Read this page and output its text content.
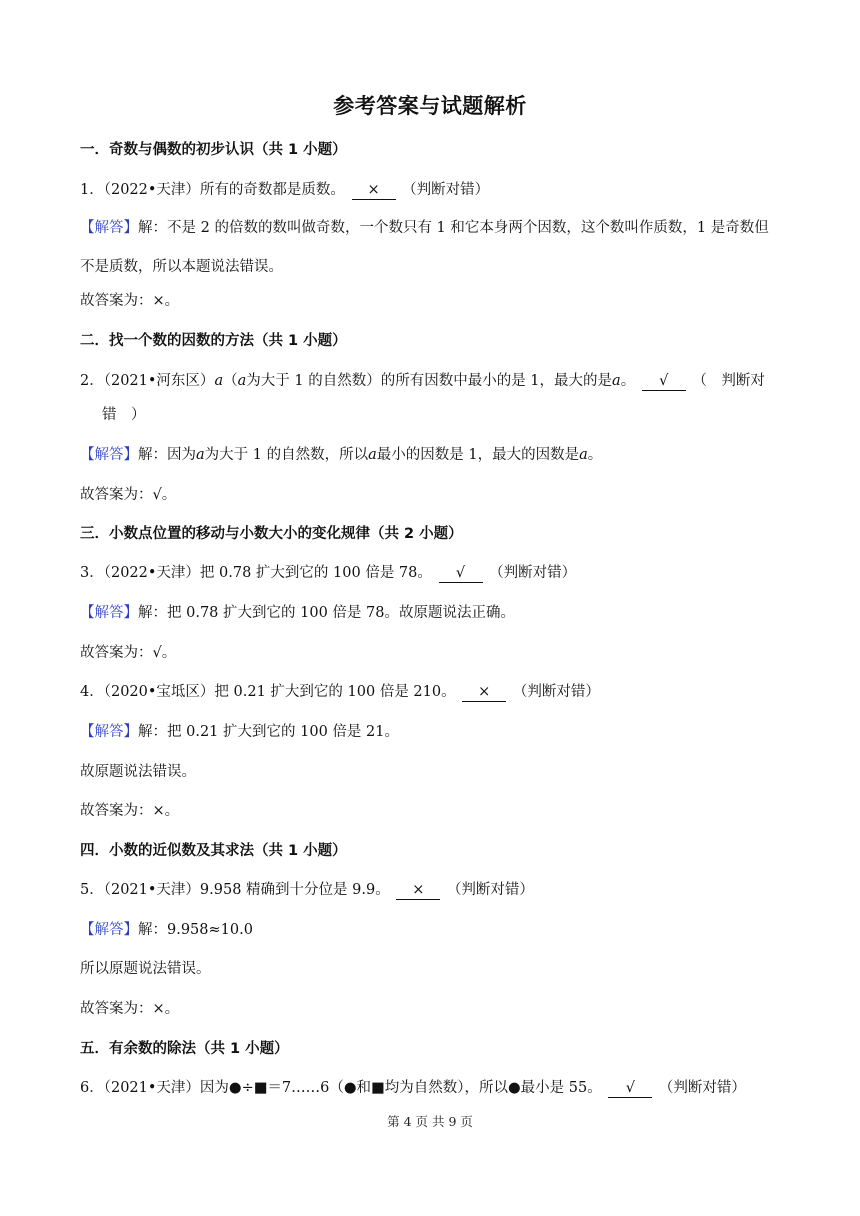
参考答案与试题解析
一．奇数与偶数的初步认识（共 1 小题）
1．（2022•天津）所有的奇数都是质数。 × （判断对错）
【解答】解：不是 2 的倍数的数叫做奇数，一个数只有 1 和它本身两个因数，这个数叫作质数，1 是奇数但不是质数，所以本题说法错误。
故答案为：×。
二．找一个数的因数的方法（共 1 小题）
2．（2021•河东区）a（a为大于 1 的自然数）的所有因数中最小的是 1，最大的是a。 √ （　判断对
错　）
【解答】解：因为a为大于 1 的自然数，所以a最小的因数是 1，最大的因数是a。
故答案为：√。
三．小数点位置的移动与小数大小的变化规律（共 2 小题）
3．（2022•天津）把 0.78 扩大到它的 100 倍是 78。 √ （判断对错）
【解答】解：把 0.78 扩大到它的 100 倍是 78。故原题说法正确。
故答案为：√。
4．（2020•宝坻区）把 0.21 扩大到它的 100 倍是 210。 × （判断对错）
【解答】解：把 0.21 扩大到它的 100 倍是 21。
故原题说法错误。
故答案为：×。
四．小数的近似数及其求法（共 1 小题）
5．（2021•天津）9.958 精确到十分位是 9.9。 × （判断对错）
【解答】解：9.958≈10.0
所以原题说法错误。
故答案为：×。
五．有余数的除法（共 1 小题）
6．（2021•天津）因为●÷■＝7……6（●和■均为自然数），所以●最小是 55。 √ （判断对错）
第 4 页 共 9 页
